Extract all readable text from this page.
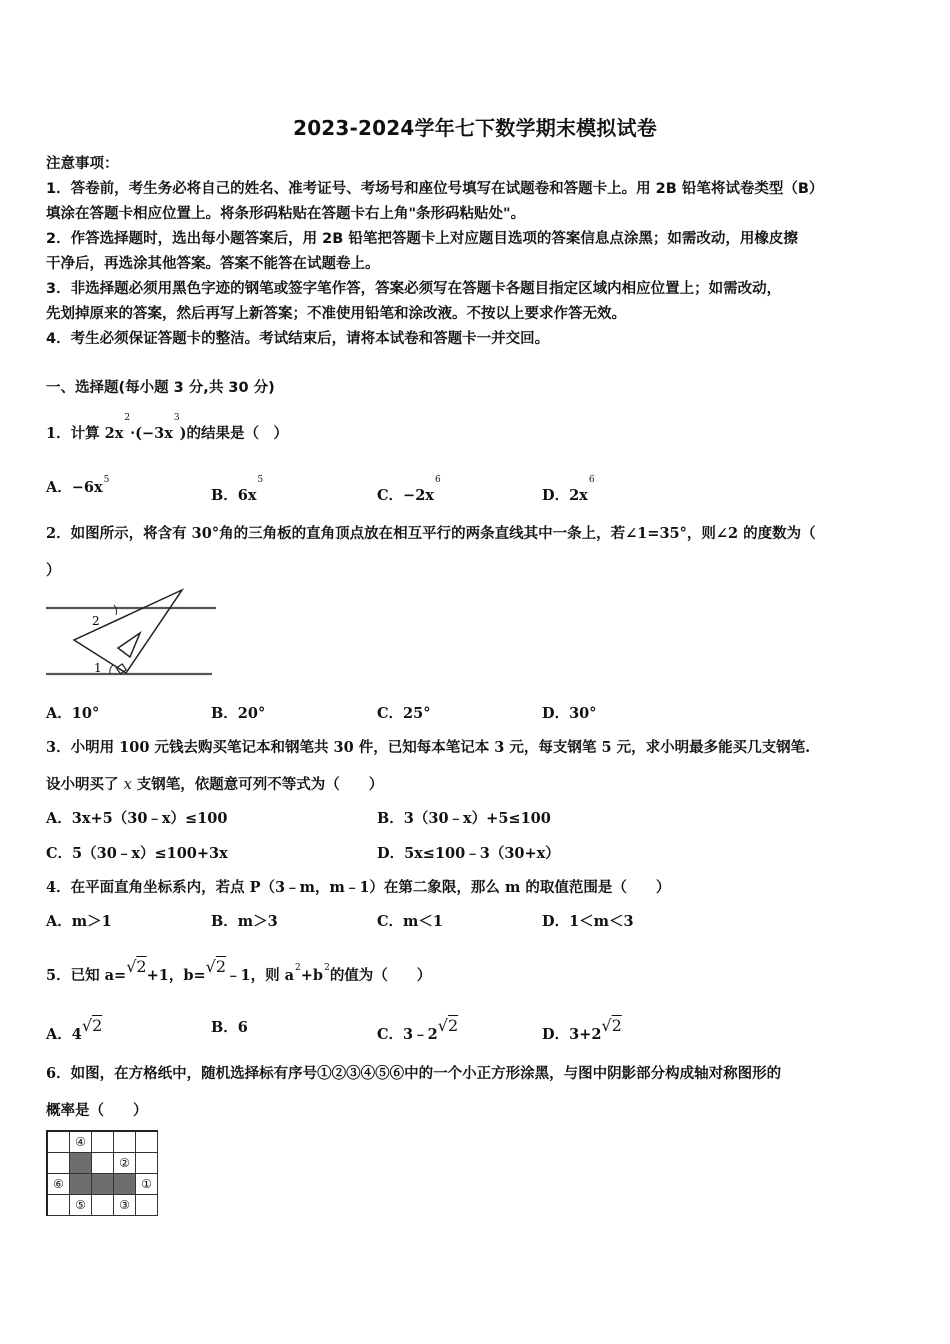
2023-2024学年七下数学期末模拟试卷
注意事项：
1．答卷前，考生务必将自己的姓名、准考证号、考场号和座位号填写在试题卷和答题卡上。用 2B 铅笔将试卷类型（B）
填涂在答题卡相应位置上。将条形码粘贴在答题卡右上角"条形码粘贴处"。
2．作答选择题时，选出每小题答案后，用 2B 铅笔把答题卡上对应题目选项的答案信息点涂黑；如需改动，用橡皮擦
干净后，再选涂其他答案。答案不能答在试题卷上。
3．非选择题必须用黑色字迹的钢笔或签字笔作答，答案必须写在答题卡各题目指定区域内相应位置上；如需改动，
先划掉原来的答案，然后再写上新答案；不准使用铅笔和涂改液。不按以上要求作答无效。
4．考生必须保证答题卡的整洁。考试结束后，请将本试卷和答题卡一并交回。
一、选择题(每小题 3 分,共 30 分)
1．计算 $2x^2\cdot(-3x^3)$的结果是（　）
A．$-6x^5$
B．$6x^5$
C．$-2x^6$
D．$2x^6$
2．如图所示，将含有 30°角的三角板的直角顶点放在相互平行的两条直线其中一条上，若∠1=35°，则∠2 的度数为（
）
2
1
A．10°	B．20°	C．25°	D．30°
3．小明用 100 元钱去购买笔记本和钢笔共 30 件，已知每本笔记本 3 元，每支钢笔 5 元，求小明最多能买几支钢笔.
设小明买了 x 支钢笔，依题意可列不等式为（　　）
A．3x+5（30﹣x）≤100	B．3（30﹣x）+5≤100
C．5（30﹣x）≤100+3x	D．5x≤100﹣3（30+x）
4．在平面直角坐标系内，若点 P（3﹣m，m﹣1）在第二象限，那么 m 的取值范围是（　　）
A．m＞1	B．m＞3	C．m＜1	D．1＜m＜3
5．已知 a=√2+1，b=√2﹣1，则 $a^2+b^2$的值为（　　）
A．4√2	B．6	C．3﹣2√2	D．3+2√2
6．如图，在方格纸中，随机选择标有序号①②③④⑤⑥中的一个小正方形涂黑，与图中阴影部分构成轴对称图形的
概率是（　　）
	④			
			②	
⑥				①
	⑤		③	
